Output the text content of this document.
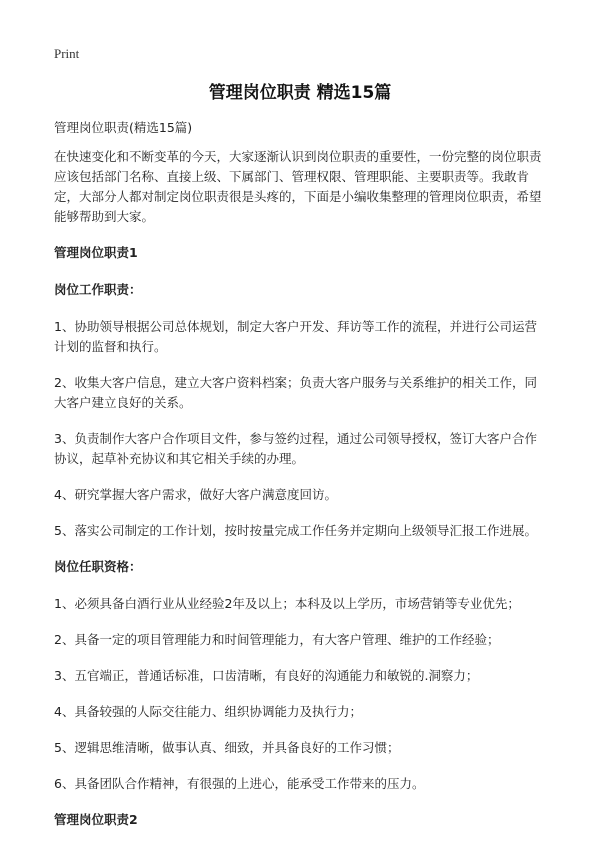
Print
管理岗位职责 精选15篇

管理岗位职责(精选15篇)

在快速变化和不断变革的今天，大家逐渐认识到岗位职责的重要性，一份完整的岗位职责应该包括部门名称、直接上级、下属部门、管理权限、管理职能、主要职责等。我敢肯定，大部分人都对制定岗位职责很是头疼的，下面是小编收集整理的管理岗位职责，希望能够帮助到大家。

管理岗位职责1

岗位工作职责：

1、协助领导根据公司总体规划，制定大客户开发、拜访等工作的流程，并进行公司运营计划的监督和执行。

2、收集大客户信息，建立大客户资料档案；负责大客户服务与关系维护的相关工作，同大客户建立良好的关系。

3、负责制作大客户合作项目文件，参与签约过程，通过公司领导授权，签订大客户合作协议，起草补充协议和其它相关手续的办理。

4、研究掌握大客户需求，做好大客户满意度回访。

5、落实公司制定的工作计划，按时按量完成工作任务并定期向上级领导汇报工作进展。

岗位任职资格：

1、必须具备白酒行业从业经验2年及以上；本科及以上学历，市场营销等专业优先；

2、具备一定的项目管理能力和时间管理能力，有大客户管理、维护的工作经验；

3、五官端正，普通话标准，口齿清晰，有良好的沟通能力和敏锐的.洞察力；

4、具备较强的人际交往能力、组织协调能力及执行力；

5、逻辑思维清晰，做事认真、细致，并具备良好的工作习惯；

6、具备团队合作精神，有很强的上进心，能承受工作带来的压力。

管理岗位职责2
